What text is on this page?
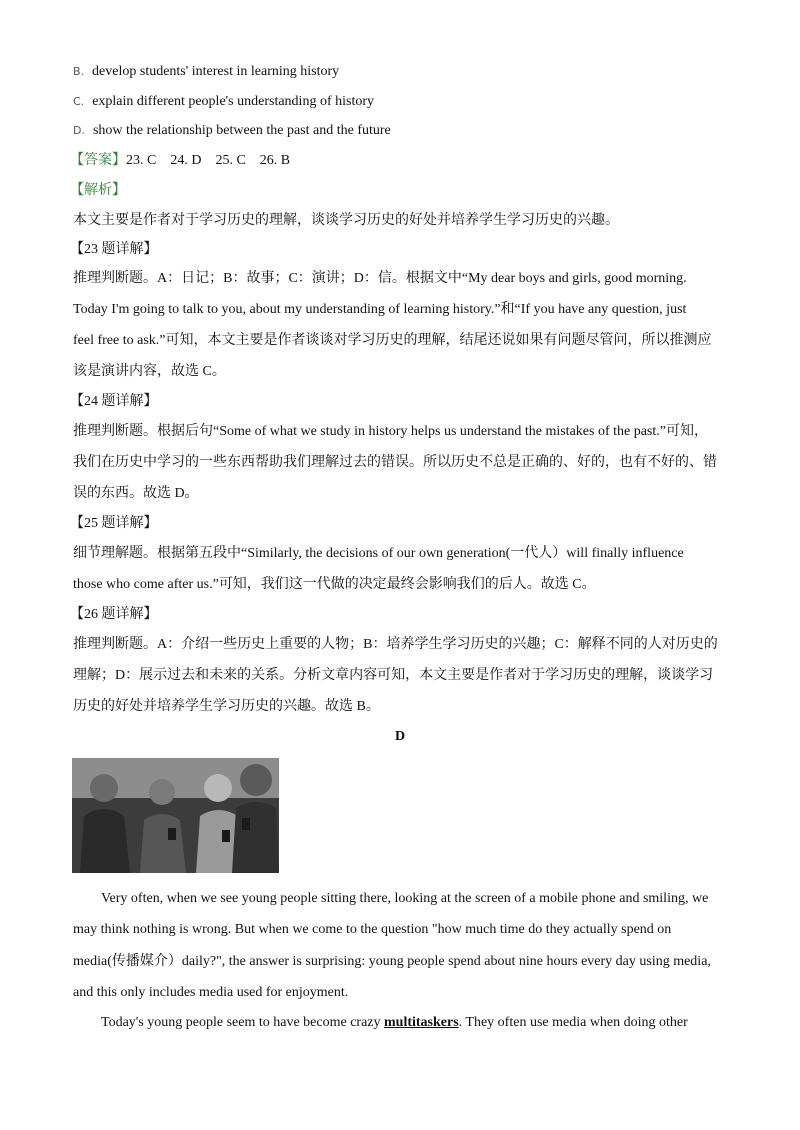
B. develop students' interest in learning history
C. explain different people's understanding of history
D. show the relationship between the past and the future
【答案】23. C    24. D    25. C    26. B
【解析】
本文主要是作者对于学习历史的理解，谈谈学习历史的好处并培养学生学习历史的兴趣。
【23 题详解】
推理判断题。A：日记；B：故事；C：演讲；D：信。根据文中“My dear boys and girls, good morning.
Today I'm going to talk to you, about my understanding of learning history.”和“If you have any question, just
feel free to ask.”可知，本文主要是作者谈谈对学习历史的理解，结尾还说如果有问题尽管问，所以推测应
该是演讲内容，故选 C。
【24 题详解】
推理判断题。根据后句“Some of what we study in history helps us understand the mistakes of the past.”可知，
我们在历史中学习的一些东西帮助我们理解过去的错误。所以历史不总是正确的、好的，也有不好的、错
误的东西。故选 D。
【25 题详解】
细节理解题。根据第五段中“Similarly, the decisions of our own generation(一代人）will finally influence
those who come after us.”可知，我们这一代做的决定最终会影响我们的后人。故选 C。
【26 题详解】
推理判断题。A：介绍一些历史上重要的人物；B：培养学生学习历史的兴趣；C：解释不同的人对历史的
理解；D：展示过去和未来的关系。分析文章内容可知，本文主要是作者对于学习历史的理解，谈谈学习
历史的好处并培养学生学习历史的兴趣。故选 B。
D
Very often, when we see young people sitting there, looking at the screen of a mobile phone and smiling, we
may think nothing is wrong. But when we come to the question "how much time do they actually spend on
media(传播媒介）daily?", the answer is surprising: young people spend about nine hours every day using media,
and this only includes media used for enjoyment.
Today's young people seem to have become crazy multitaskers. They often use media when doing other
